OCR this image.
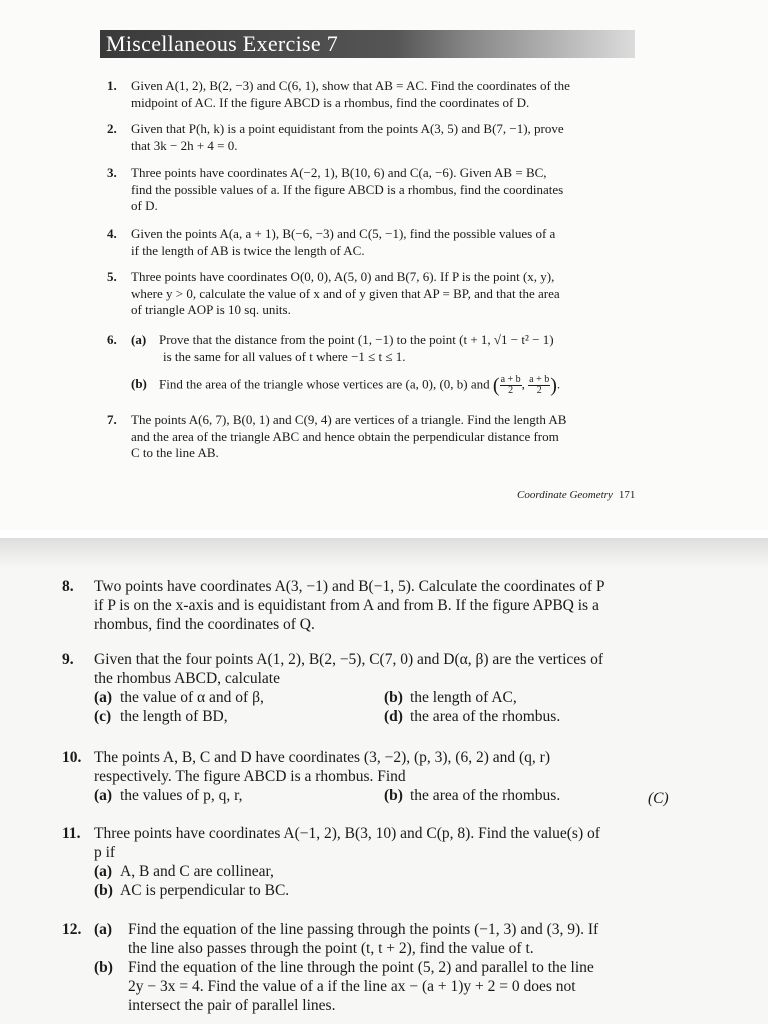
Miscellaneous Exercise 7
1. Given A(1, 2), B(2, −3) and C(6, 1), show that AB = AC. Find the coordinates of the
midpoint of AC. If the figure ABCD is a rhombus, find the coordinates of D.
2. Given that P(h, k) is a point equidistant from the points A(3, 5) and B(7, −1), prove
that 3k − 2h + 4 = 0.
3. Three points have coordinates A(−2, 1), B(10, 6) and C(a, −6). Given AB = BC,
find the possible values of a. If the figure ABCD is a rhombus, find the coordinates
of D.
4. Given the points A(a, a + 1), B(−6, −3) and C(5, −1), find the possible values of a
if the length of AB is twice the length of AC.
5. Three points have coordinates O(0, 0), A(5, 0) and B(7, 6). If P is the point (x, y),
where y > 0, calculate the value of x and of y given that AP = BP, and that the area
of triangle AOP is 10 sq. units.
6. (a) Prove that the distance from the point (1, −1) to the point (t + 1, √1 − t² − 1)
is the same for all values of t where −1 ≤ t ≤ 1.
(b) Find the area of the triangle whose vertices are (a, 0), (0, b) and ( $\frac{a + b}{2}$ , $\frac{a + b}{2}$ ).
7. The points A(6, 7), B(0, 1) and C(9, 4) are vertices of a triangle. Find the length AB
and the area of the triangle ABC and hence obtain the perpendicular distance from
C to the line AB.
Coordinate Geometry 171
8. Two points have coordinates A(3, −1) and B(−1, 5). Calculate the coordinates of P
if P is on the x-axis and is equidistant from A and from B. If the figure APBQ is a
rhombus, find the coordinates of Q.
9. Given that the four points A(1, 2), B(2, −5), C(7, 0) and D(α, β) are the vertices of
the rhombus ABCD, calculate
(a) the value of α and of β,	(b) the length of AC,
(c) the length of BD,	(d) the area of the rhombus.
10. The points A, B, C and D have coordinates (3, −2), (p, 3), (6, 2) and (q, r)
respectively. The figure ABCD is a rhombus. Find
(a) the values of p, q, r,	(b) the area of the rhombus.	(C)
11. Three points have coordinates A(−1, 2), B(3, 10) and C(p, 8). Find the value(s) of
p if
(a) A, B and C are collinear,
(b) AC is perpendicular to BC.
12. (a) Find the equation of the line passing through the points (−1, 3) and (3, 9). If
the line also passes through the point (t, t + 2), find the value of t.
(b) Find the equation of the line through the point (5, 2) and parallel to the line
2y − 3x = 4. Find the value of a if the line ax − (a + 1)y + 2 = 0 does not
intersect the pair of parallel lines.
